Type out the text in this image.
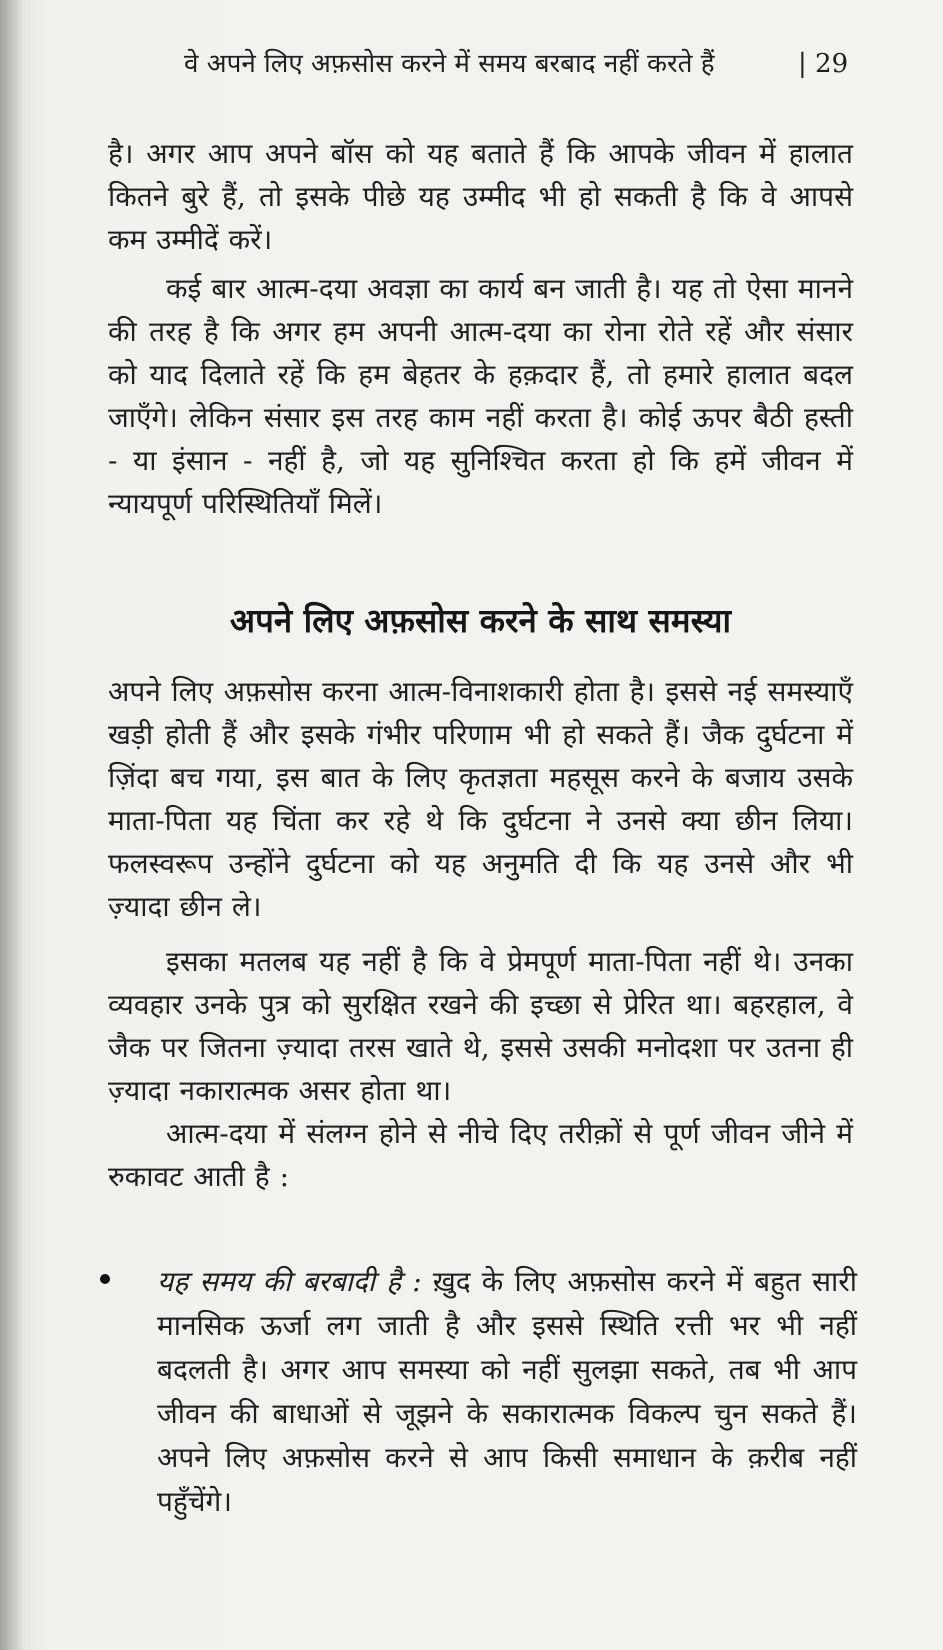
वे अपने लिए अफ़सोस करने में समय बरबाद नहीं करते हैं	| 29
है। अगर आप अपने बॉस को यह बताते हैं कि आपके जीवन में हालात कितने बुरे हैं, तो इसके पीछे यह उम्मीद भी हो सकती है कि वे आपसे कम उम्मीदें करें।
कई बार आत्म-दया अवज्ञा का कार्य बन जाती है। यह तो ऐसा मानने की तरह है कि अगर हम अपनी आत्म-दया का रोना रोते रहें और संसार को याद दिलाते रहें कि हम बेहतर के हक़दार हैं, तो हमारे हालात बदल जाएँगे। लेकिन संसार इस तरह काम नहीं करता है। कोई ऊपर बैठी हस्ती - या इंसान - नहीं है, जो यह सुनिश्चित करता हो कि हमें जीवन में न्यायपूर्ण परिस्थितियाँ मिलें।
अपने लिए अफ़सोस करने के साथ समस्या
अपने लिए अफ़सोस करना आत्म-विनाशकारी होता है। इससे नई समस्याएँ खड़ी होती हैं और इसके गंभीर परिणाम भी हो सकते हैं। जैक दुर्घटना में ज़िंदा बच गया, इस बात के लिए कृतज्ञता महसूस करने के बजाय उसके माता-पिता यह चिंता कर रहे थे कि दुर्घटना ने उनसे क्या छीन लिया। फलस्वरूप उन्होंने दुर्घटना को यह अनुमति दी कि यह उनसे और भी ज़्यादा छीन ले।
इसका मतलब यह नहीं है कि वे प्रेमपूर्ण माता-पिता नहीं थे। उनका व्यवहार उनके पुत्र को सुरक्षित रखने की इच्छा से प्रेरित था। बहरहाल, वे जैक पर जितना ज़्यादा तरस खाते थे, इससे उसकी मनोदशा पर उतना ही ज़्यादा नकारात्मक असर होता था।
आत्म-दया में संलग्न होने से नीचे दिए तरीक़ों से पूर्ण जीवन जीने में रुकावट आती है :
यह समय की बरबादी है : ख़ुद के लिए अफ़सोस करने में बहुत सारी मानसिक ऊर्जा लग जाती है और इससे स्थिति रत्ती भर भी नहीं बदलती है। अगर आप समस्या को नहीं सुलझा सकते, तब भी आप जीवन की बाधाओं से जूझने के सकारात्मक विकल्प चुन सकते हैं। अपने लिए अफ़सोस करने से आप किसी समाधान के क़रीब नहीं पहुँचेंगे।
